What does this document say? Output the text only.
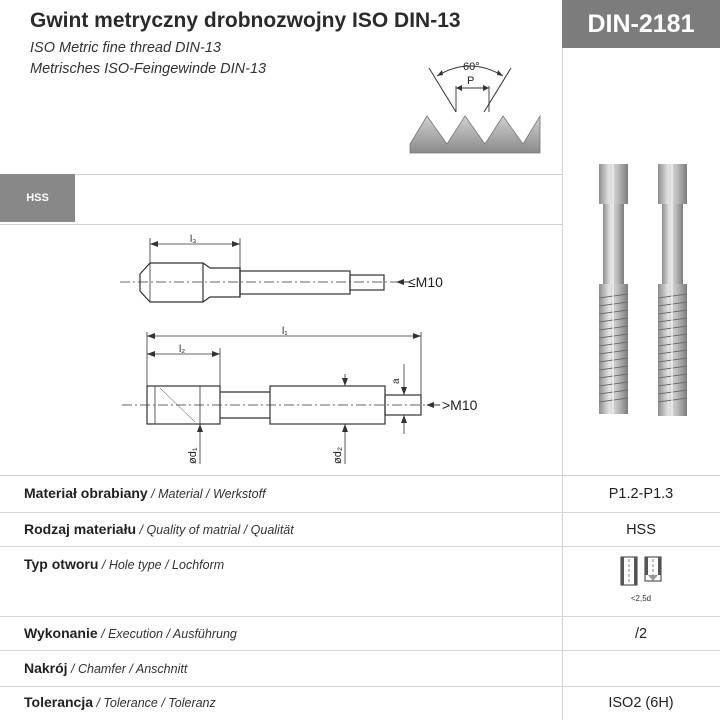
Gwint metryczny drobnozwojny ISO DIN-13
ISO Metric fine thread DIN-13
Metrisches ISO-Feingewinde DIN-13
DIN-2181
60°
P
HSS
l₃
≤M10
l₁
l₂
a
>M10
ød₁	ød₂
Materiał obrabiany / Material / Werkstoff	P1.2-P1.3
Rodzaj materiału / Quality of matrial / Qualität	HSS
Typ otworu / Hole type / Lochform
<2,5d
Wykonanie / Execution / Ausführung	/2
Nakrój / Chamfer / Anschnitt
Tolerancja / Tolerance / Toleranz	ISO2 (6H)
